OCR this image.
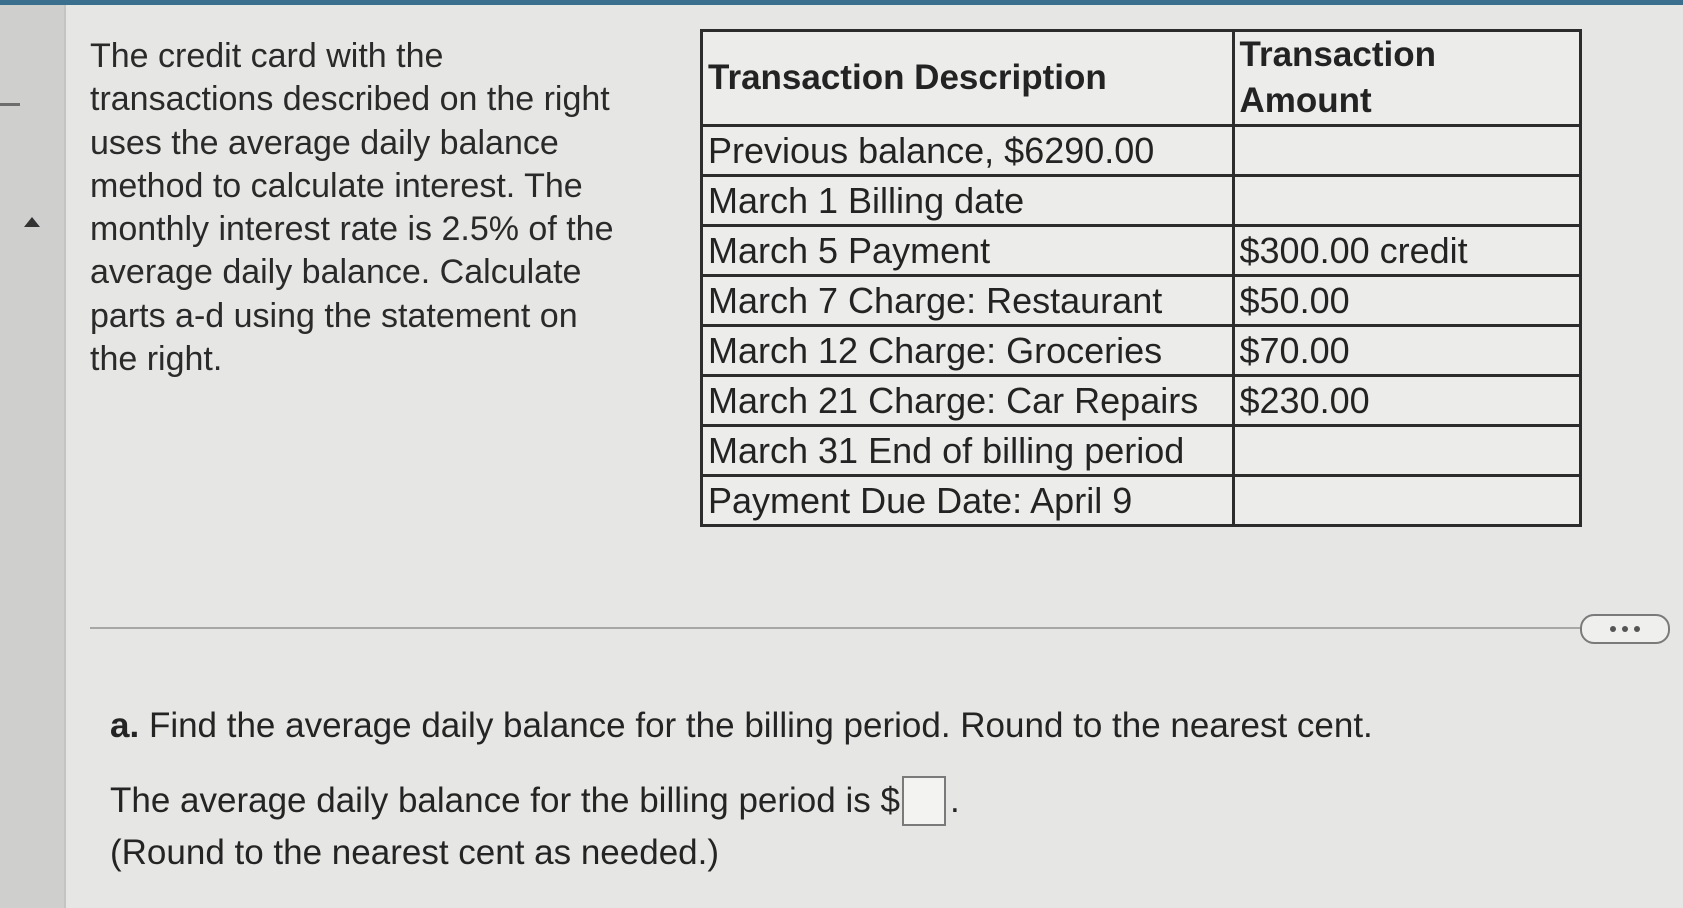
The credit card with the transactions described on the right uses the average daily balance method to calculate interest. The monthly interest rate is 2.5% of the average daily balance. Calculate parts a-d using the statement on the right.
Transaction Description	Transaction Amount
Previous balance, $6290.00	
March 1 Billing date	
March 5 Payment	$300.00 credit
March 7 Charge: Restaurant	$50.00
March 12 Charge: Groceries	$70.00
March 21 Charge: Car Repairs	$230.00
March 31 End of billing period	
Payment Due Date: April 9	
a. Find the average daily balance for the billing period. Round to the nearest cent.
The average daily balance for the billing period is $ .
(Round to the nearest cent as needed.)
